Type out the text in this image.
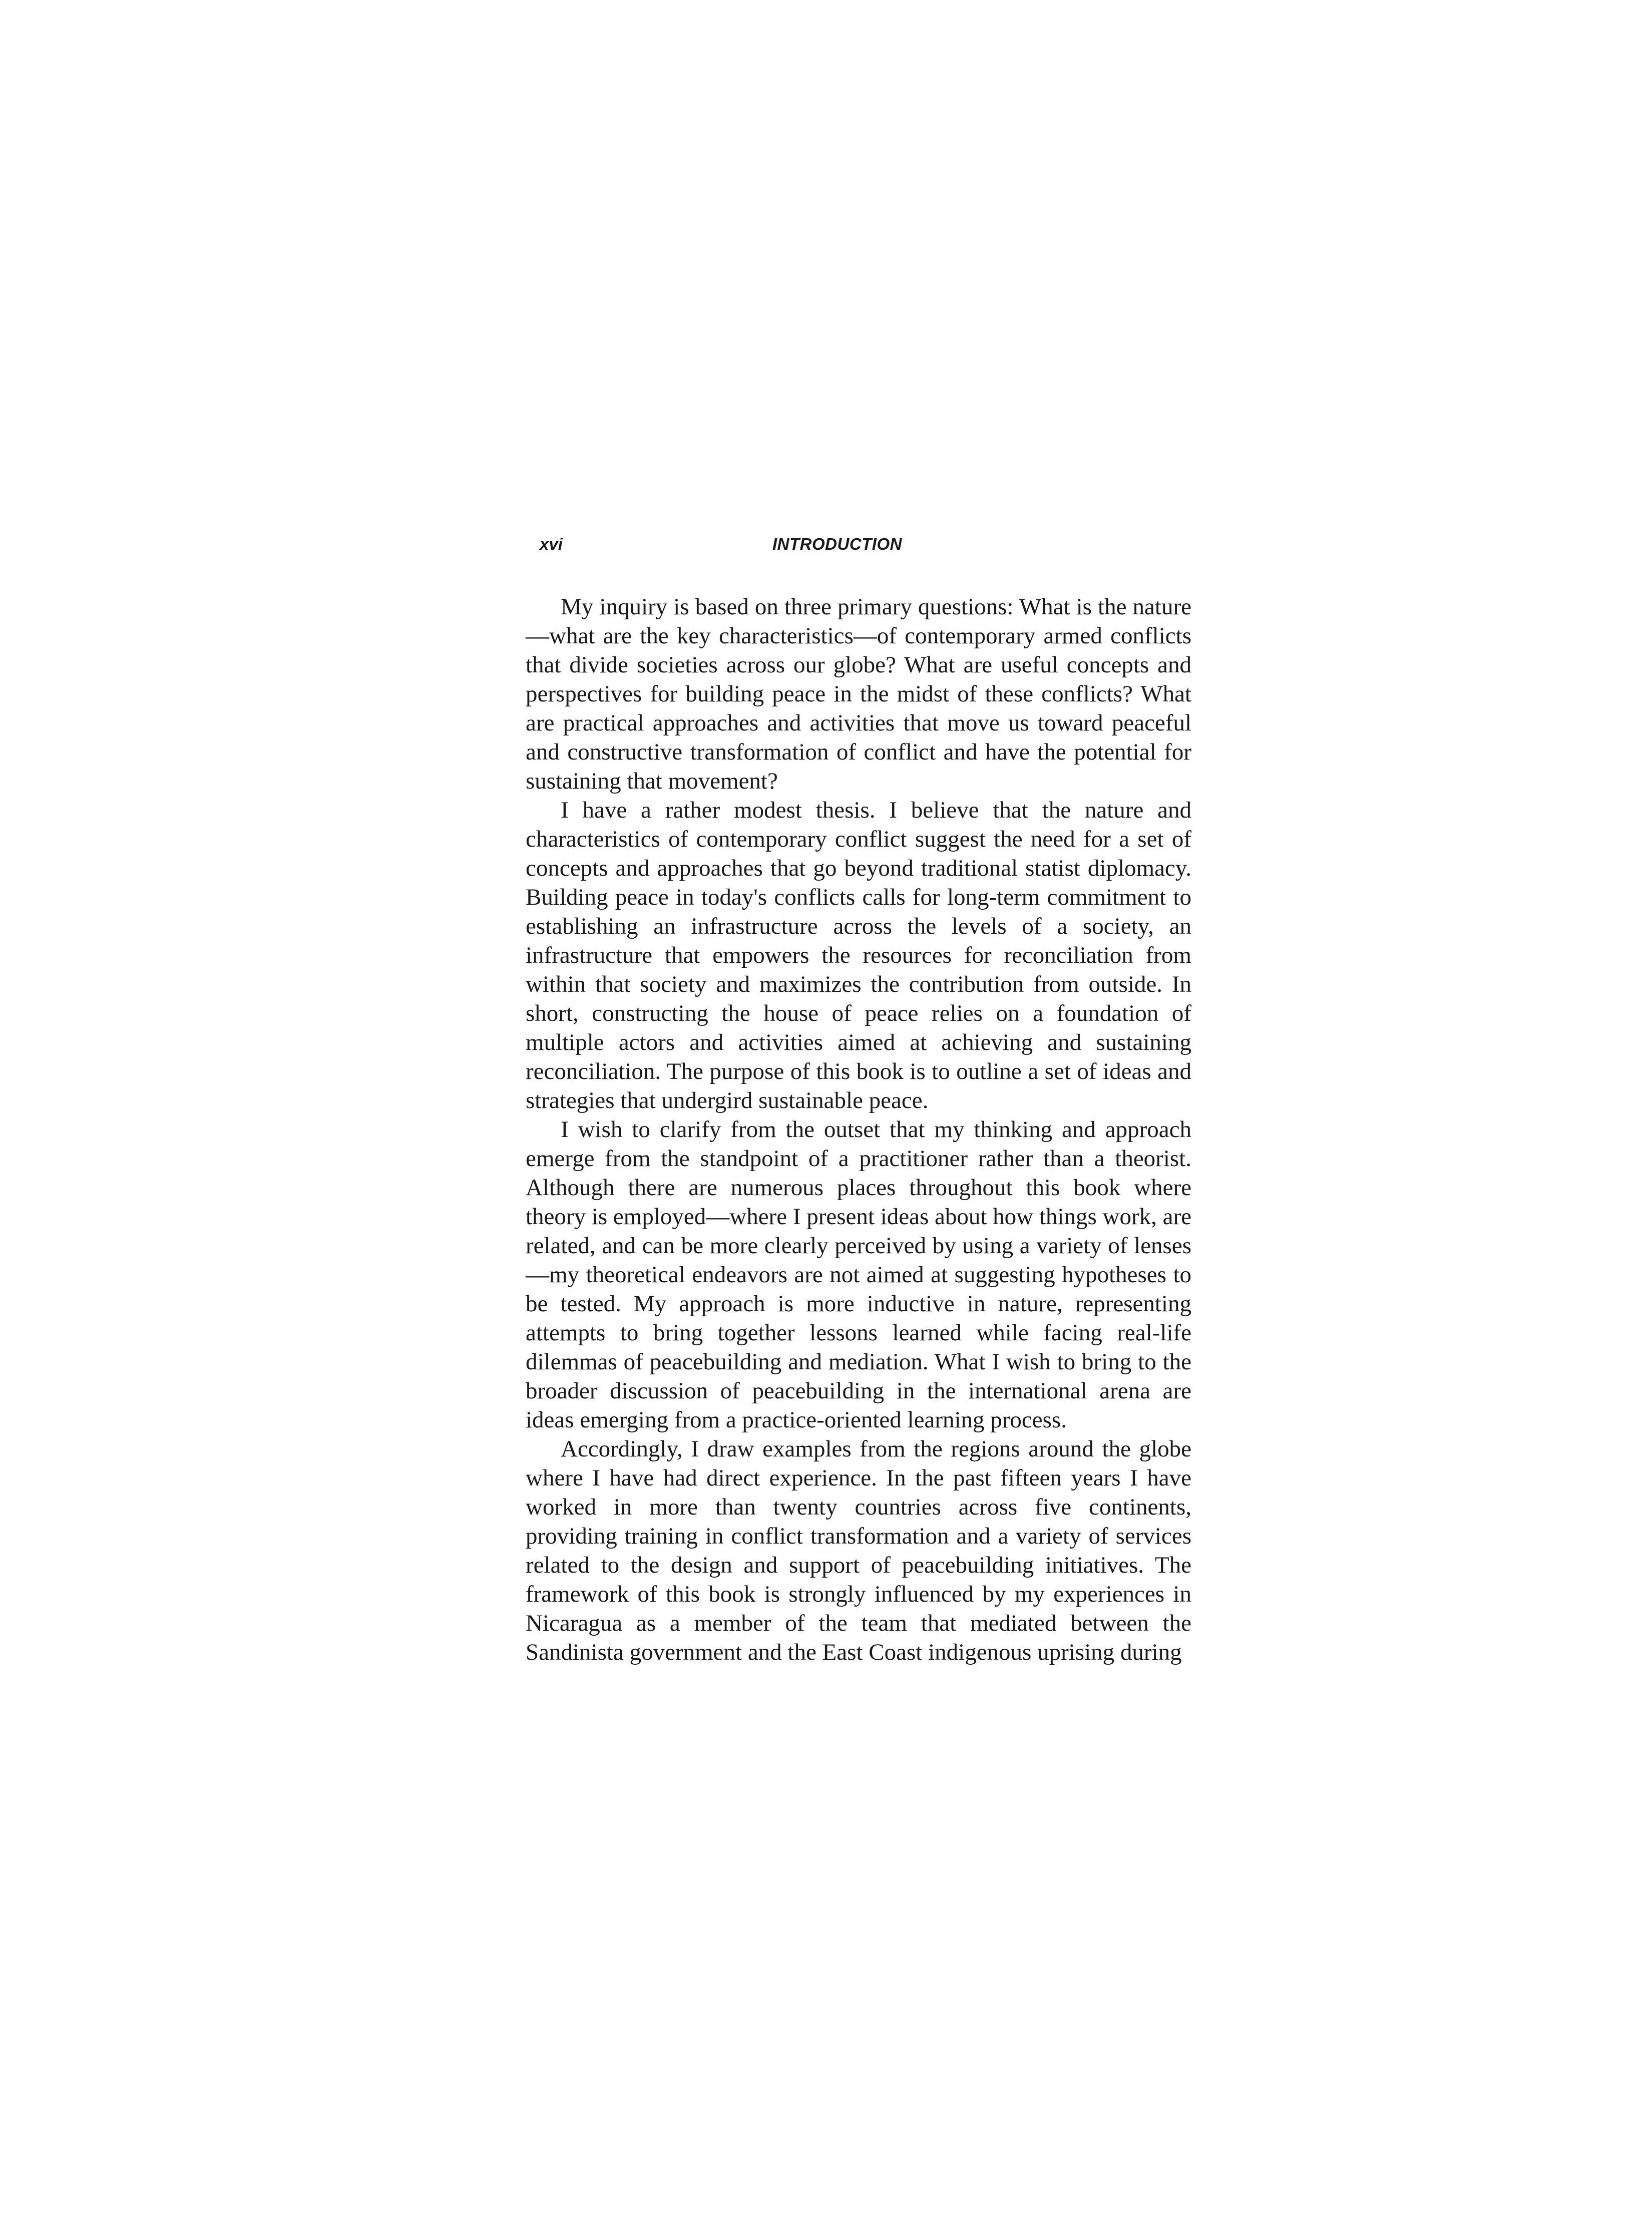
xvi	INTRODUCTION

My inquiry is based on three primary questions: What is the nature—what are the key characteristics—of contemporary armed conflicts that divide societies across our globe? What are useful concepts and perspectives for building peace in the midst of these conflicts? What are practical approaches and activities that move us toward peaceful and constructive transformation of conflict and have the potential for sustaining that movement?

I have a rather modest thesis. I believe that the nature and characteristics of contemporary conflict suggest the need for a set of concepts and approaches that go beyond traditional statist diplomacy. Building peace in today's conflicts calls for long-term commitment to establishing an infrastructure across the levels of a society, an infrastructure that empowers the resources for reconciliation from within that society and maximizes the contribution from outside. In short, constructing the house of peace relies on a foundation of multiple actors and activities aimed at achieving and sustaining reconciliation. The purpose of this book is to outline a set of ideas and strategies that undergird sustainable peace.

I wish to clarify from the outset that my thinking and approach emerge from the standpoint of a practitioner rather than a theorist. Although there are numerous places throughout this book where theory is employed—where I present ideas about how things work, are related, and can be more clearly perceived by using a variety of lenses—my theoretical endeavors are not aimed at suggesting hypotheses to be tested. My approach is more inductive in nature, representing attempts to bring together lessons learned while facing real-life dilemmas of peacebuilding and mediation. What I wish to bring to the broader discussion of peacebuilding in the international arena are ideas emerging from a practice-oriented learning process.

Accordingly, I draw examples from the regions around the globe where I have had direct experience. In the past fifteen years I have worked in more than twenty countries across five continents, providing training in conflict transformation and a variety of services related to the design and support of peacebuilding initiatives. The framework of this book is strongly influenced by my experiences in Nicaragua as a member of the team that mediated between the Sandinista government and the East Coast indigenous uprising during
